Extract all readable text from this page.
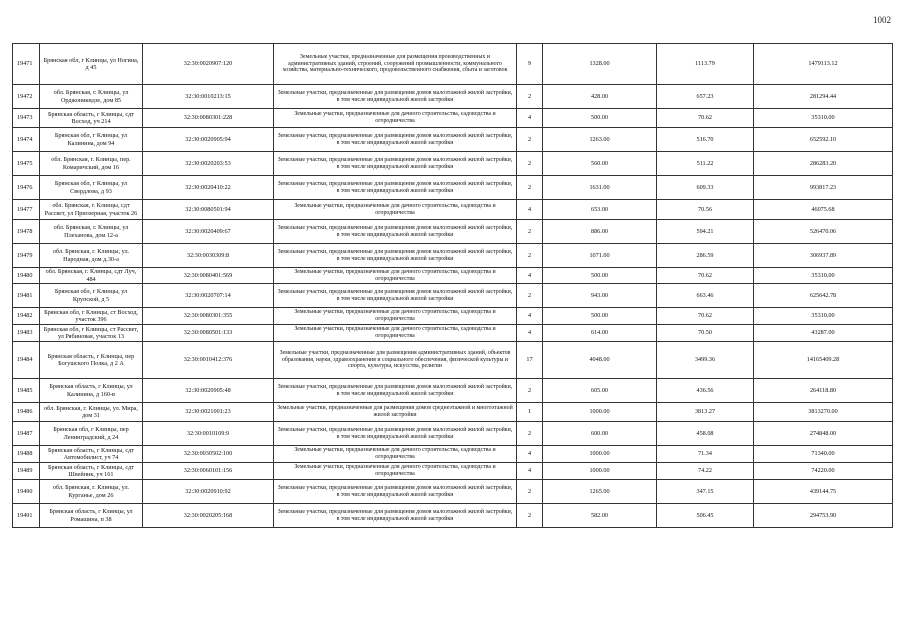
1002
19471	Брянская обл, г Клинцы, ул Ногина, д 45	32:30:0020907:120	Земельные участки, предназначенные для размещения производственных и административных зданий, строений, сооружений промышленности, коммунального хозяйства, материально-технического, продовольственного снабжения, сбыта и заготовок	9	1328.00	1113.79	1479113.12
19472	обл. Брянская, г. Клинцы, ул Орджоникидзе, дом 85	32:30:0010213:15	Земельные участки, предназначенные для размещения домов малоэтажной жилой застройки, в том числе индивидуальной жилой застройки	2	428.00	657.23	281294.44
19473	Брянская область, г Клинцы, сдт Восход, уч 214	32:30:0080301:228	Земельные участки, предназначенные для дачного строительства, садоводства и огородничества	4	500.00	70.62	35310.00
19474	Брянская обл, г Клинцы, ул Калинина, дом 94	32:30:0020905:94	Земельные участки, предназначенные для размещения домов малоэтажной жилой застройки, в том числе индивидуальной жилой застройки	2	1263.00	516.70	652592.10
19475	обл. Брянская, г. Клинцы, пер. Комаричский, дом 16	32:30:0020203:53	Земельные участки, предназначенные для размещения домов малоэтажной жилой застройки, в том числе индивидуальной жилой застройки	2	560.00	511.22	286283.20
19476	Брянская обл, г Клинцы, ул Свердлова, д 93	32:30:0020410:22	Земельные участки, предназначенные для размещения домов малоэтажной жилой застройки, в том числе индивидуальной жилой застройки	2	1631.00	609.33	993817.23
19477	обл. Брянская, г. Клинцы, сдт Рассвет, ул Приозерная, участок 26	32:30:0080501:94	Земельные участки, предназначенные для дачного строительства, садоводства и огородничества	4	653.00	70.56	46075.68
19478	обл. Брянская, г. Клинцы, ул Плеханова, дом 12-а	32:30:0020409:67	Земельные участки, предназначенные для размещения домов малоэтажной жилой застройки, в том числе индивидуальной жилой застройки	2	886.00	594.21	526470.06
19479	обл. Брянская, г. Клинцы, ул. Народная, дом д.30-а	32:30:0030309:8	Земельные участки, предназначенные для размещения домов малоэтажной жилой застройки, в том числе индивидуальной жилой застройки	2	1071.00	286.59	306937.89
19480	обл. Брянская, г. Клинцы, сдт Луч, 484	32:30:0080401:569	Земельные участки, предназначенные для дачного строительства, садоводства и огородничества	4	500.00	70.62	35310.00
19481	Брянская обл, г Клинцы, ул Крупской, д 5	32:30:0020707:14	Земельные участки, предназначенные для размещения домов малоэтажной жилой застройки, в том числе индивидуальной жилой застройки	2	943.00	663.46	625642.78
19482	Брянская обл, г Клинцы, ст Восход, участок 396	32:30:0080301:355	Земельные участки, предназначенные для дачного строительства, садоводства и огородничества	4	500.00	70.62	35310.00
19483	Брянская обл, г Клинцы, ст Рассвет, ул Рябиновая, участок 13	32:30:0080501:133	Земельные участки, предназначенные для дачного строительства, садоводства и огородничества	4	614.00	70.50	43287.00
19484	Брянская область, г Клинцы, пер Богушского Полка, д 2 А	32:30:0010412:376	Земельные участки, предназначенные для размещения административных зданий, объектов образования, науки, здравоохранения и социального обеспечения, физической культуры и спорта, культуры, искусства, религии	17	4048.00	3499.36	14165409.28
19485	Брянская область, г Клинцы, ул Калинина, д 160-в	32:30:0020905:48	Земельные участки, предназначенные для размещения домов малоэтажной жилой застройки, в том числе индивидуальной жилой застройки	2	605.00	436.56	264118.80
19486	обл. Брянская, г. Клинцы, ул. Мира, дом 31	32:30:0021001:23	Земельные участки, предназначенные для размещения домов среднеэтажной и многоэтажной жилой застройки	1	1000.00	3813.27	3813270.00
19487	Брянская обл, г Клинцы, пер Ленинградский, д 24	32:30:0010109:9	Земельные участки, предназначенные для размещения домов малоэтажной жилой застройки, в том числе индивидуальной жилой застройки	2	600.00	458.08	274848.00
19488	Брянская область, г Клинцы, сдт Автомобилист, уч 74	32:30:0030502:100	Земельные участки, предназначенные для дачного строительства, садоводства и огородничества	4	1000.00	71.34	71340.00
19489	Брянская область, г Клинцы, сдт Швейник, уч 161	32:30:0060101:156	Земельные участки, предназначенные для дачного строительства, садоводства и огородничества	4	1000.00	74.22	74220.00
19490	обл. Брянская, г. Клинцы, ул. Курганье, дом 26	32:30:0020910:92	Земельные участки, предназначенные для размещения домов малоэтажной жилой застройки, в том числе индивидуальной жилой застройки	2	1265.00	347.15	439144.75
19491	Брянская область, г Клинцы, ул Ромашина, п 38	32:30:0020205:168	Земельные участки, предназначенные для размещения домов малоэтажной жилой застройки, в том числе индивидуальной жилой застройки	2	582.00	506.45	294753.90
